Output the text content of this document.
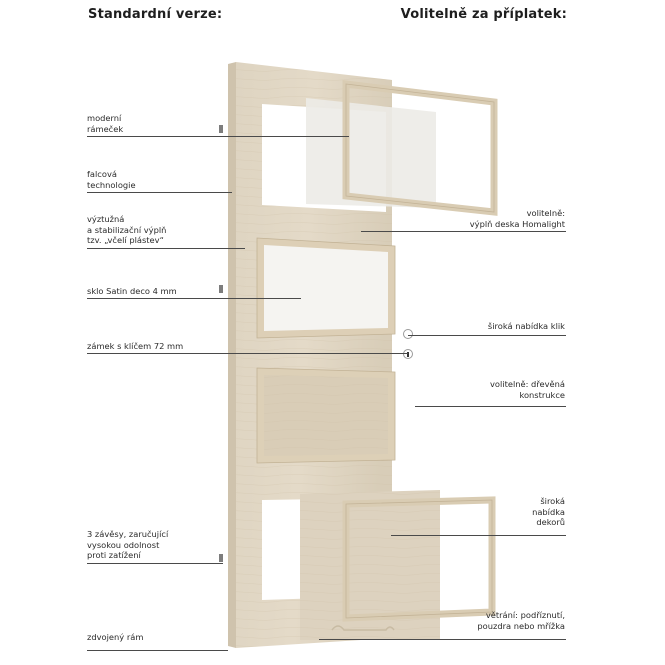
Standardní verze:	Volitelně za příplatek:
moderní
rámeček
falcová
technologie
výztužná
a stabilizační výplň
tzv. „včelí plástev“
sklo Satin deco 4 mm
zámek s klíčem 72 mm
3 závěsy, zaručující
vysokou odolnost
proti zatížení
zdvojený rám
volitelně:
výplň deska Homalight
široká nabídka klik
volitelně: dřevěná
konstrukce
široká
nabídka
dekorů
větrání: podříznutí,
pouzdra nebo mřížka
